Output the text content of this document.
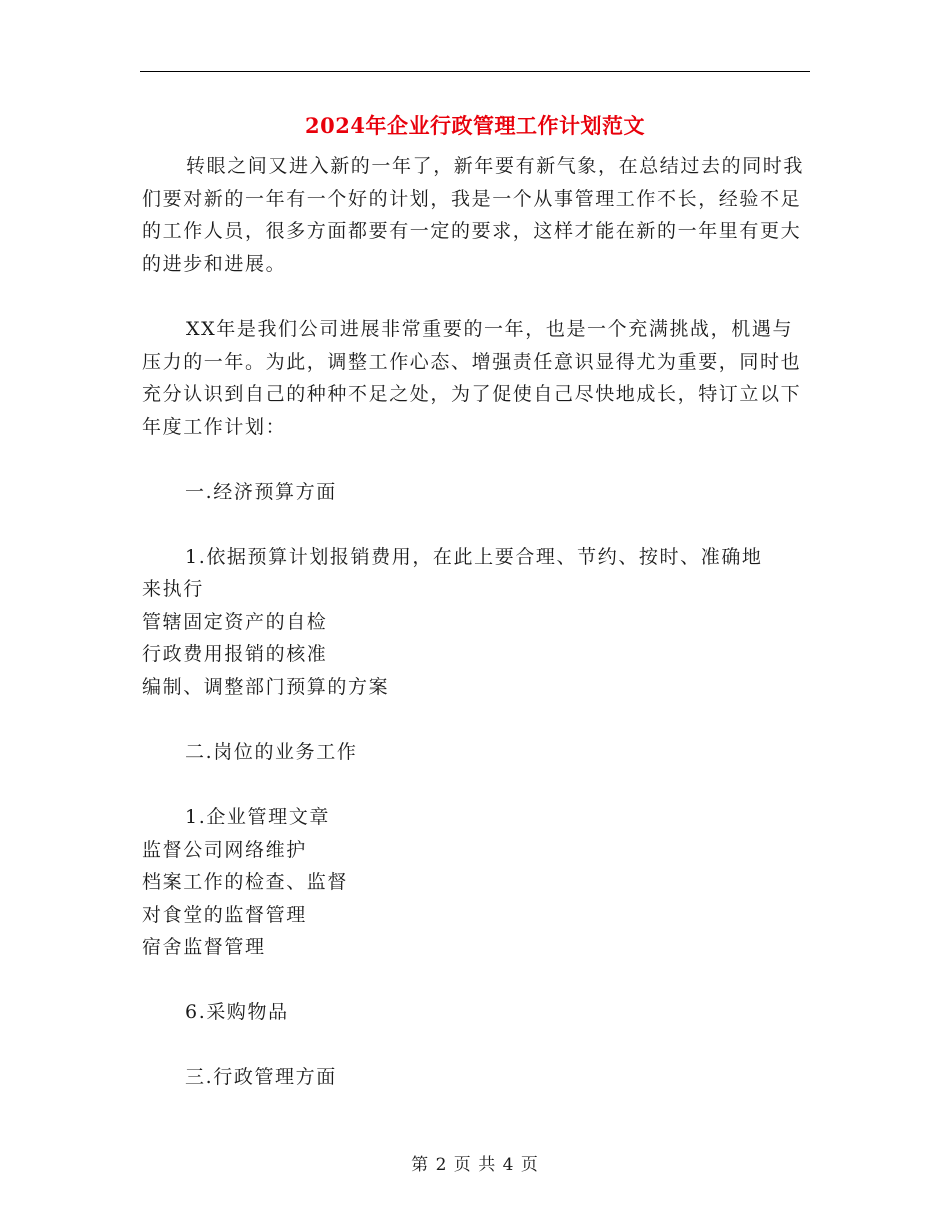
2024年企业行政管理工作计划范文
转眼之间又进入新的一年了，新年要有新气象，在总结过去的同时我们要对新的一年有一个好的计划，我是一个从事管理工作不长，经验不足的工作人员，很多方面都要有一定的要求，这样才能在新的一年里有更大的进步和进展。
XX年是我们公司进展非常重要的一年，也是一个充满挑战，机遇与压力的一年。为此，调整工作心态、增强责任意识显得尤为重要，同时也充分认识到自己的种种不足之处，为了促使自己尽快地成长，特订立以下年度工作计划：
一.经济预算方面
1.依据预算计划报销费用，在此上要合理、节约、按时、准确地
来执行
管辖固定资产的自检
行政费用报销的核准
编制、调整部门预算的方案
二.岗位的业务工作
1.企业管理文章
监督公司网络维护
档案工作的检查、监督
对食堂的监督管理
宿舍监督管理
6.采购物品
三.行政管理方面
第 2 页 共 4 页
